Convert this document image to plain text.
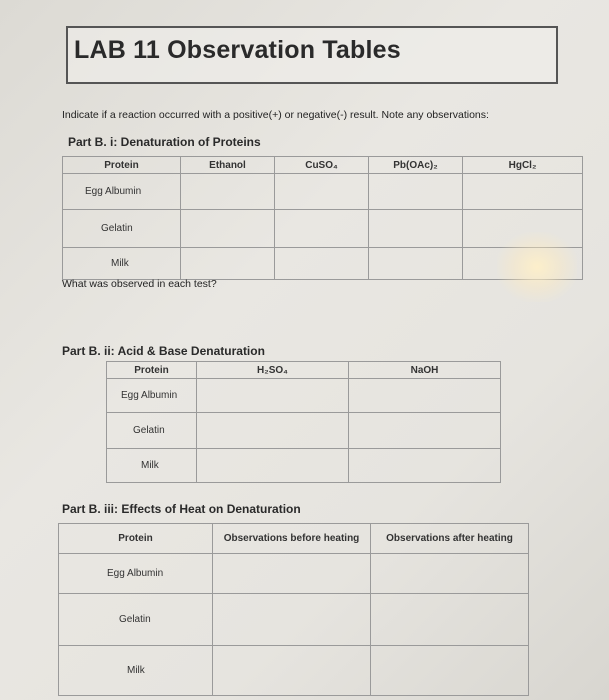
LAB 11 Observation Tables
Indicate if a reaction occurred with a positive(+) or negative(-) result. Note any observations:
Part B. i: Denaturation of Proteins
Protein	Ethanol	CuSO₄	Pb(OAc)₂	HgCl₂
Egg Albumin				
Gelatin				
Milk				
What was observed in each test?
Part B. ii: Acid & Base Denaturation
Protein	H₂SO₄	NaOH
Egg Albumin		
Gelatin		
Milk		
Part B. iii: Effects of Heat on Denaturation
Protein	Observations before heating	Observations after heating
Egg Albumin		
Gelatin		
Milk		
